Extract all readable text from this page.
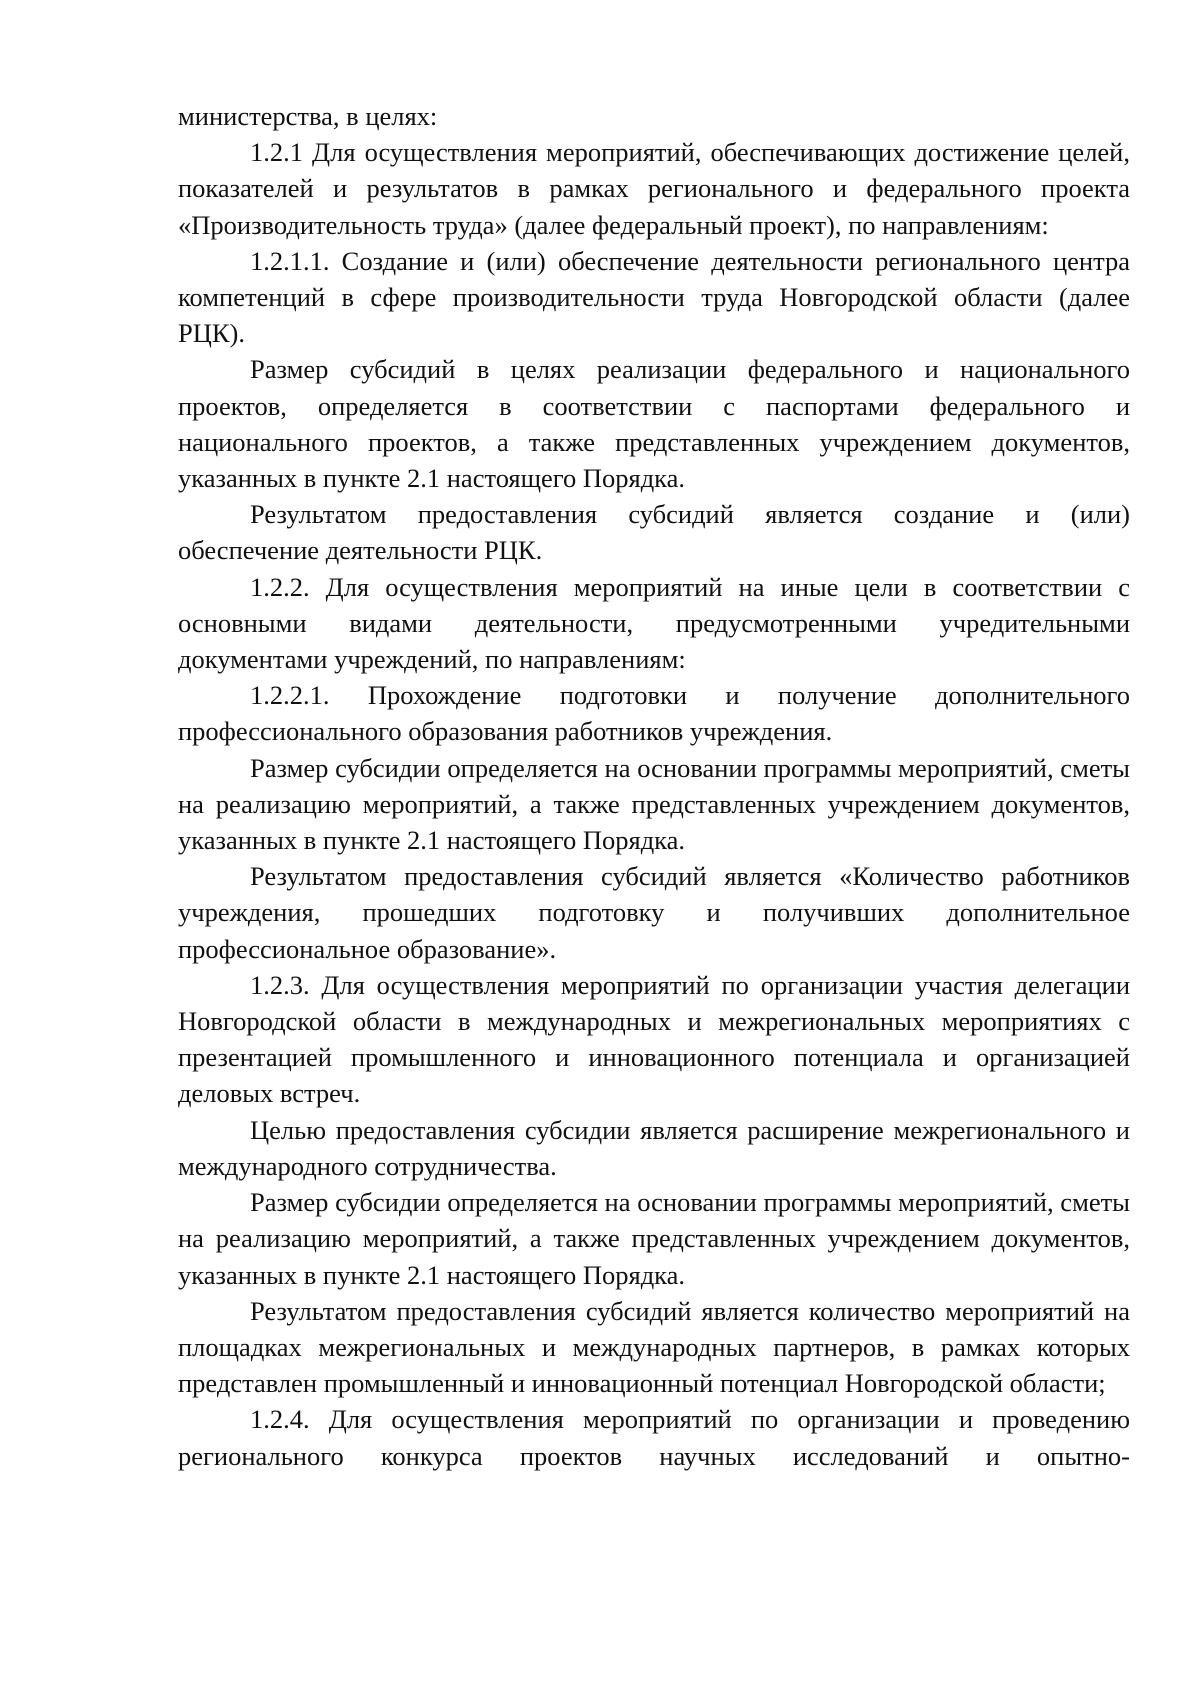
министерства, в целях:

1.2.1 Для осуществления мероприятий, обеспечивающих достижение целей, показателей и результатов в рамках регионального и федерального проекта «Производительность труда» (далее федеральный проект), по направлениям:

1.2.1.1. Создание и (или) обеспечение деятельности регионального центра компетенций в сфере производительности труда Новгородской области (далее РЦК).

Размер субсидий в целях реализации федерального и национального проектов, определяется в соответствии с паспортами федерального и национального проектов, а также представленных учреждением документов, указанных в пункте 2.1 настоящего Порядка.

Результатом предоставления субсидий является создание и (или) обеспечение деятельности РЦК.

1.2.2. Для осуществления мероприятий на иные цели в соответствии с основными видами деятельности, предусмотренными учредительными документами учреждений, по направлениям:

1.2.2.1. Прохождение подготовки и получение дополнительного профессионального образования работников учреждения.

Размер субсидии определяется на основании программы мероприятий, сметы на реализацию мероприятий, а также представленных учреждением документов, указанных в пункте 2.1 настоящего Порядка.

Результатом предоставления субсидий является «Количество работников учреждения, прошедших подготовку и получивших дополнительное профессиональное образование».

1.2.3. Для осуществления мероприятий по организации участия делегации Новгородской области в международных и межрегиональных мероприятиях с презентацией промышленного и инновационного потенциала и организацией деловых встреч.

Целью предоставления субсидии является расширение межрегионального и международного сотрудничества.

Размер субсидии определяется на основании программы мероприятий, сметы на реализацию мероприятий, а также представленных учреждением документов, указанных в пункте 2.1 настоящего Порядка.

Результатом предоставления субсидий является количество мероприятий на площадках межрегиональных и международных партнеров, в рамках которых представлен промышленный и инновационный потенциал Новгородской области;

1.2.4. Для осуществления мероприятий по организации и проведению регионального конкурса проектов научных исследований и опытно-
